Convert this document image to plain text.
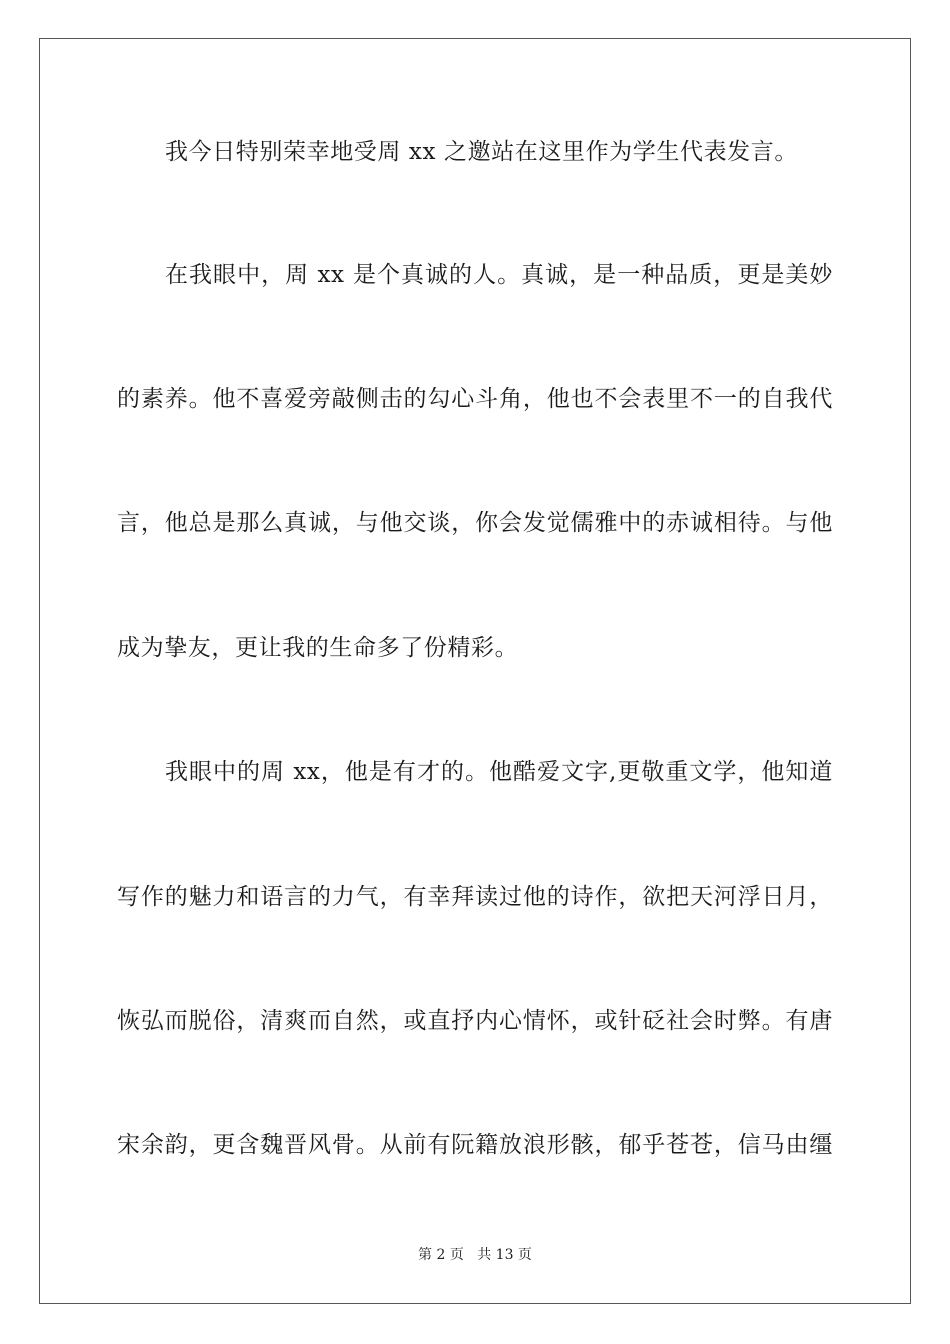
我今日特别荣幸地受周 xx 之邀站在这里作为学生代表发言。
在我眼中，周 xx 是个真诚的人。真诚，是一种品质，更是美妙
的素养。他不喜爱旁敲侧击的勾心斗角，他也不会表里不一的自我代
言，他总是那么真诚，与他交谈，你会发觉儒雅中的赤诚相待。与他
成为挚友，更让我的生命多了份精彩。
我眼中的周 xx，他是有才的。他酷爱文字,更敬重文学，他知道
写作的魅力和语言的力气，有幸拜读过他的诗作，欲把天河浮日月，
恢弘而脱俗，清爽而自然，或直抒内心情怀，或针砭社会时弊。有唐
宋余韵，更含魏晋风骨。从前有阮籍放浪形骸，郁乎苍苍，信马由缰
第 2 页 共 13 页
